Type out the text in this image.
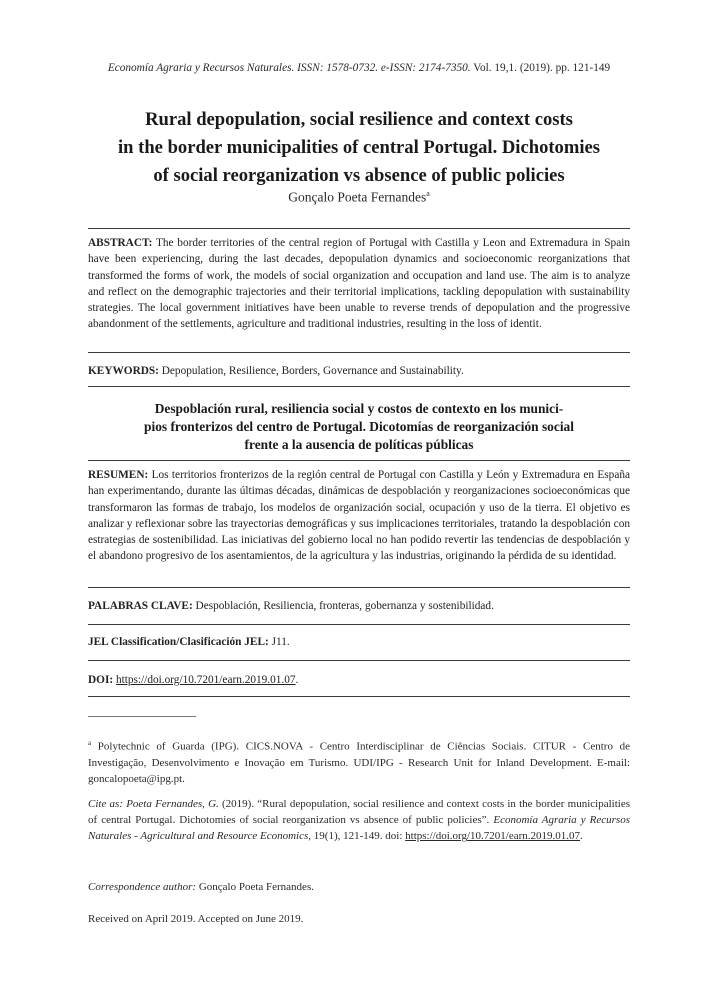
Economía Agraria y Recursos Naturales. ISSN: 1578-0732. e-ISSN: 2174-7350. Vol. 19,1. (2019). pp. 121-149
Rural depopulation, social resilience and context costs
in the border municipalities of central Portugal. Dichotomies
of social reorganization vs absence of public policies
Gonçalo Poeta Fernandes$^a$
ABSTRACT: The border territories of the central region of Portugal with Castilla y Leon and Extremadura in Spain have been experiencing, during the last decades, depopulation dynamics and socioeconomic reorganizations that transformed the forms of work, the models of social organization and occupation and land use. The aim is to analyze and reflect on the demographic trajectories and their territorial implications, tackling depopulation with sustainability strategies. The local government initiatives have been unable to reverse trends of depopulation and the progressive abandonment of the settlements, agriculture and traditional industries, resulting in the loss of identit.
KEYWORDS: Depopulation, Resilience, Borders, Governance and Sustainability.
Despoblación rural, resiliencia social y costos de contexto en los munici-
pios fronterizos del centro de Portugal. Dicotomías de reorganización social
frente a la ausencia de políticas públicas
RESUMEN: Los territorios fronterizos de la región central de Portugal con Castilla y León y Extremadura en España han experimentando, durante las últimas décadas, dinámicas de despoblación y reorganizaciones socioeconómicas que transformaron las formas de trabajo, los modelos de organización social, ocupación y uso de la tierra. El objetivo es analizar y reflexionar sobre las trayectorias demográficas y sus implicaciones territoriales, tratando la despoblación con estrategias de sostenibilidad. Las iniciativas del gobierno local no han podido revertir las tendencias de despoblación y el abandono progresivo de los asentamientos, de la agricultura y las industrias, originando la pérdida de su identidad.
PALABRAS CLAVE: Despoblación, Resiliencia, fronteras, gobernanza y sostenibilidad.
JEL Classification/Clasificación JEL: J11.
DOI: https://doi.org/10.7201/earn.2019.01.07.
$^a$ Polytechnic of Guarda (IPG). CICS.NOVA - Centro Interdisciplinar de Ciências Sociais. CITUR - Centro de Investigação, Desenvolvimento e Inovação em Turismo. UDI/IPG - Research Unit for Inland Development. E-mail: goncalopoeta@ipg.pt.
Cite as: Poeta Fernandes, G. (2019). “Rural depopulation, social resilience and context costs in the border municipalities of central Portugal. Dichotomies of social reorganization vs absence of public policies”. Economía Agraria y Recursos Naturales - Agricultural and Resource Economics, 19(1), 121-149. doi: https://doi.org/10.7201/earn.2019.01.07.
Correspondence author: Gonçalo Poeta Fernandes.
Received on April 2019. Accepted on June 2019.
